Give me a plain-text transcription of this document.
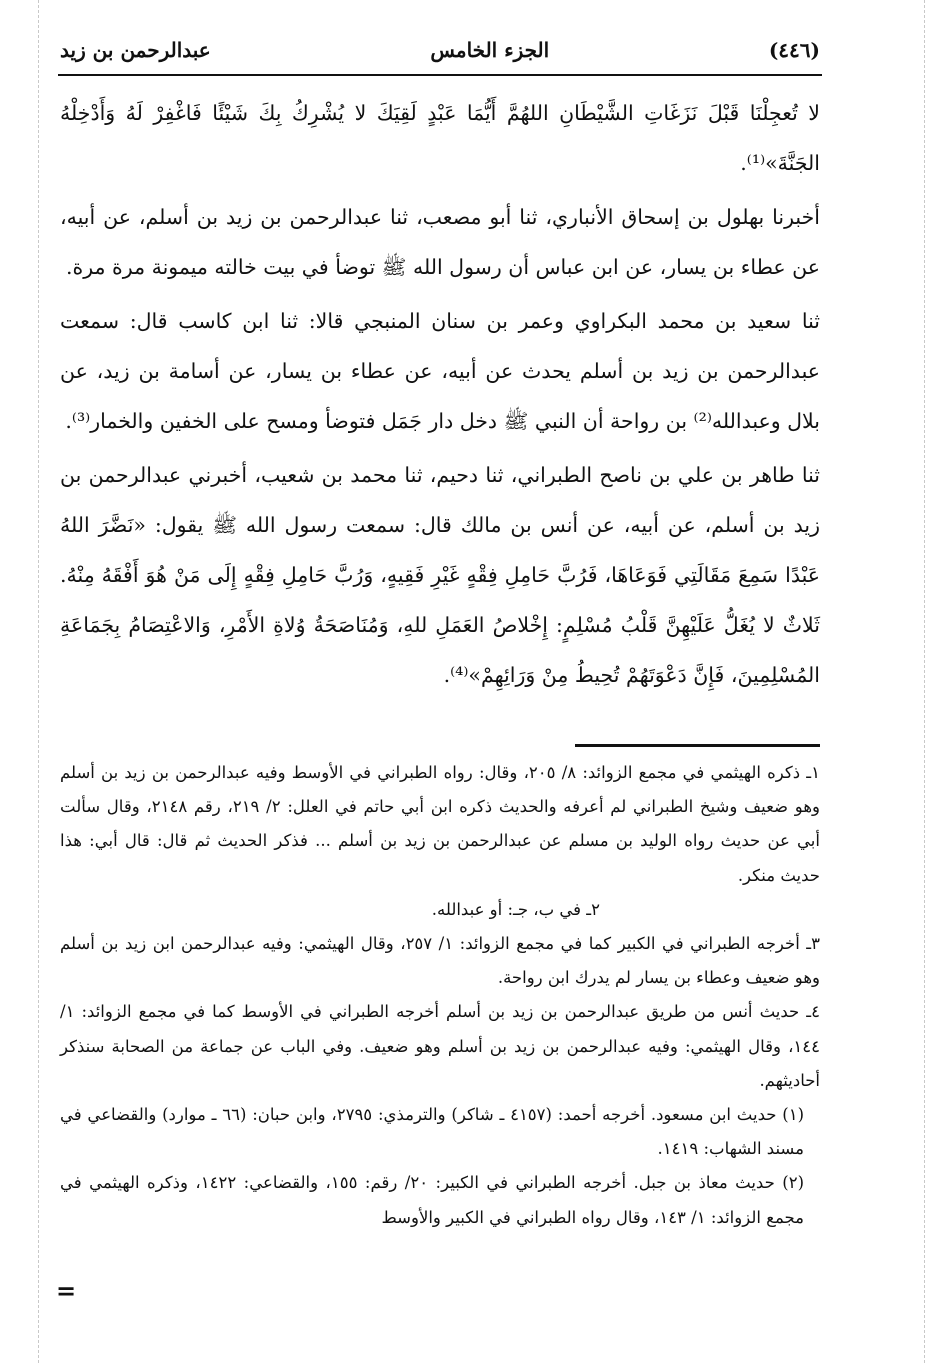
(٤٤٦)
الجزء الخامس
عبدالرحمن بن زيد

لا تُعجِلْنَا قَبْلَ نَزَغَاتِ الشَّيْطَانِ اللهُمَّ أَيُّمَا عَبْدٍ لَقِيَكَ لا يُشْرِكُ بِكَ شَيْئًا فَاغْفِرْ لَهُ وَأَدْخِلْهُ الجَنَّةَ»⁽¹⁾.

أخبرنا بهلول بن إسحاق الأنباري، ثنا أبو مصعب، ثنا عبدالرحمن بن زيد بن أسلم، عن أبيه، عن عطاء بن يسار، عن ابن عباس أن رسول الله ﷺ توضأ في بيت خالته ميمونة مرة مرة.

ثنا سعيد بن محمد البكراوي وعمر بن سنان المنبجي قالا: ثنا ابن كاسب قال: سمعت عبدالرحمن بن زيد بن أسلم يحدث عن أبيه، عن عطاء بن يسار، عن أسامة بن زيد، عن بلال وعبدالله⁽²⁾ بن رواحة أن النبي ﷺ دخل دار جَمَل فتوضأ ومسح على الخفين والخمار⁽³⁾.

ثنا طاهر بن علي بن ناصح الطبراني، ثنا دحيم، ثنا محمد بن شعيب، أخبرني عبدالرحمن بن زيد بن أسلم، عن أبيه، عن أنس بن مالك قال: سمعت رسول الله ﷺ يقول: «نَضَّرَ اللهُ عَبْدًا سَمِعَ مَقَالَتِي فَوَعَاهَا، فَرُبَّ حَامِلِ فِقْهٍ غَيْرِ فَقِيهٍ، وَرُبَّ حَامِلِ فِقْهٍ إِلَى مَنْ هُوَ أَفْقَهُ مِنْهُ. ثَلاثٌ لا يُغَلُّ عَلَيْهِنَّ قَلْبُ مُسْلِمٍ: إِخْلاصُ العَمَلِ للهِ، وَمُنَاصَحَةُ وُلاةِ الأَمْرِ، وَالاعْتِصَامُ بِجَمَاعَةِ المُسْلِمِينَ، فَإِنَّ دَعْوَتَهُمْ تُحِيطُ مِنْ وَرَائِهِمْ»⁽⁴⁾.

١ـ ذكره الهيثمي في مجمع الزوائد: ٨/ ٢٠٥، وقال: رواه الطبراني في الأوسط وفيه عبدالرحمن بن زيد بن أسلم وهو ضعيف وشيخ الطبراني لم أعرفه والحديث ذكره ابن أبي حاتم في العلل: ٢/ ٢١٩، رقم ٢١٤٨، وقال سألت أبي عن حديث رواه الوليد بن مسلم عن عبدالرحمن بن زيد بن أسلم ... فذكر الحديث ثم قال: قال أبي: هذا حديث منكر.

٢ـ في ب، جـ: أو عبدالله.

٣ـ أخرجه الطبراني في الكبير كما في مجمع الزوائد: ١/ ٢٥٧، وقال الهيثمي: وفيه عبدالرحمن ابن زيد بن أسلم وهو ضعيف وعطاء بن يسار لم يدرك ابن رواحة.

٤ـ حديث أنس من طريق عبدالرحمن بن زيد بن أسلم أخرجه الطبراني في الأوسط كما في مجمع الزوائد: ١/ ١٤٤، وقال الهيثمي: وفيه عبدالرحمن بن زيد بن أسلم وهو ضعيف. وفي الباب عن جماعة من الصحابة سنذكر أحاديثهم.

(١) حديث ابن مسعود. أخرجه أحمد: (٤١٥٧ ـ شاكر) والترمذي: ٢٧٩٥، وابن حبان: (٦٦ ـ موارد) والقضاعي في مسند الشهاب: ١٤١٩.

(٢) حديث معاذ بن جبل. أخرجه الطبراني في الكبير: ٢٠/ رقم: ١٥٥، والقضاعي: ١٤٢٢، وذكره الهيثمي في مجمع الزوائد: ١/ ١٤٣، وقال رواه الطبراني في الكبير والأوسط

=
